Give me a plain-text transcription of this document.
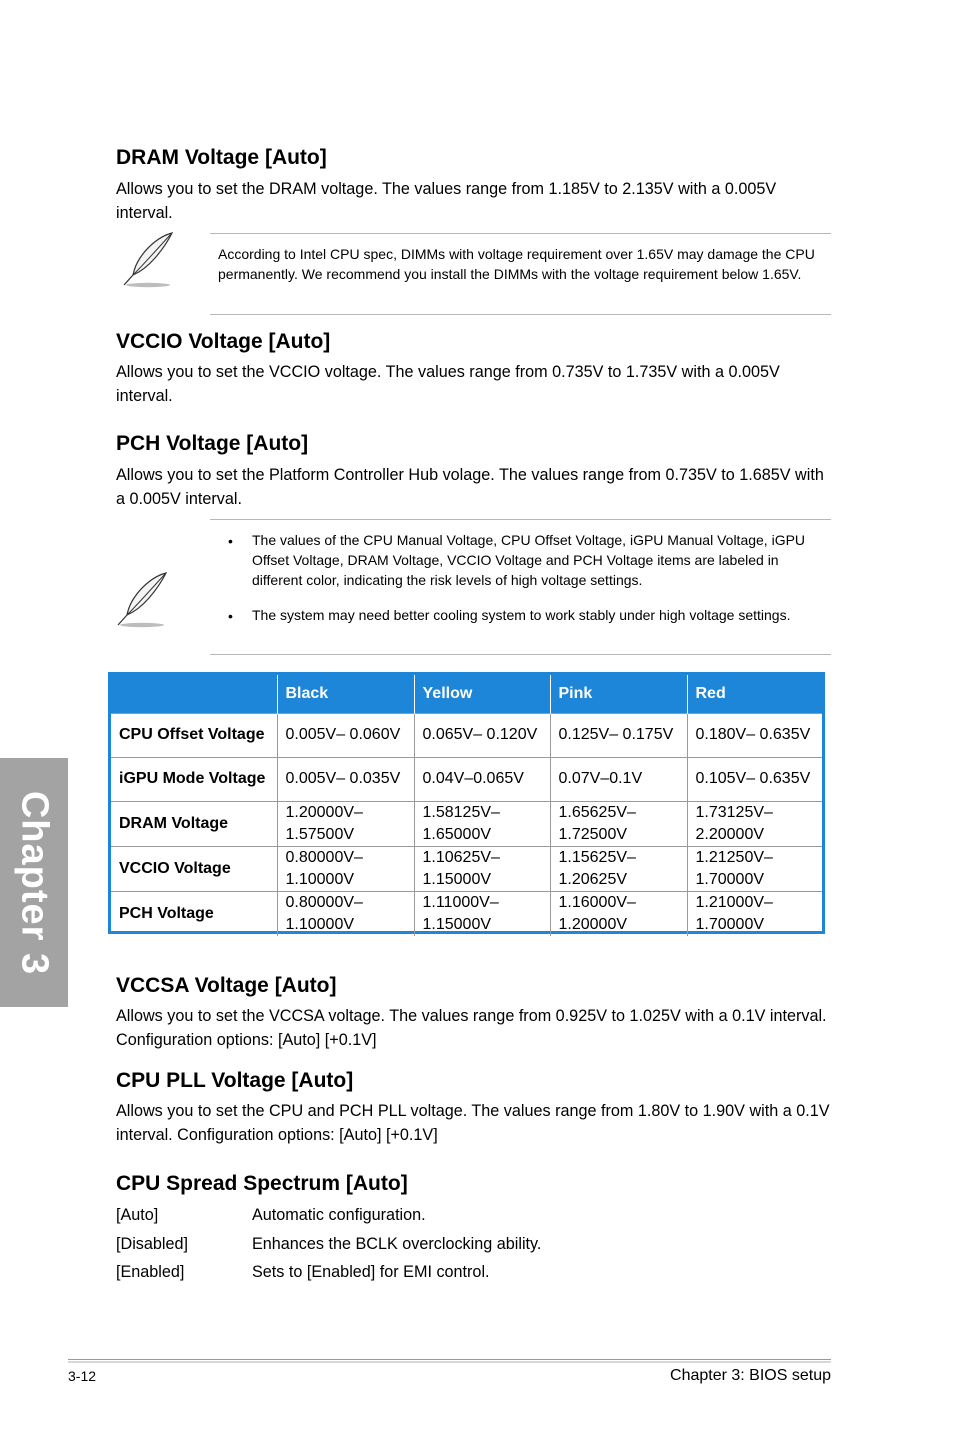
Chapter 3
DRAM Voltage [Auto]

Allows you to set the DRAM voltage. The values range from 1.185V to 2.135V with a 0.005V interval.

According to Intel CPU spec, DIMMs with voltage requirement over 1.65V may damage the CPU permanently. We recommend you install the DIMMs with the voltage requirement below 1.65V.
VCCIO Voltage [Auto]

Allows you to set the VCCIO voltage. The values range from 0.735V to 1.735V with a 0.005V interval.

PCH Voltage [Auto]

Allows you to set the Platform Controller Hub volage. The values range from 0.735V to 1.685V with a 0.005V interval.

• The values of the CPU Manual Voltage, CPU Offset Voltage, iGPU Manual Voltage, iGPU Offset Voltage, DRAM Voltage, VCCIO Voltage and PCH Voltage items are labeled in different color, indicating the risk levels of high voltage settings.
• The system may need better cooling system to work stably under high voltage settings.
	Black	Yellow	Pink	Red
CPU Offset Voltage	0.005V– 0.060V	0.065V– 0.120V	0.125V– 0.175V	0.180V– 0.635V
iGPU Mode Voltage	0.005V– 0.035V	0.04V–0.065V	0.07V–0.1V	0.105V– 0.635V
DRAM Voltage	1.20000V– 1.57500V	1.58125V– 1.65000V	1.65625V– 1.72500V	1.73125V– 2.20000V
VCCIO Voltage	0.80000V– 1.10000V	1.10625V– 1.15000V	1.15625V– 1.20625V	1.21250V– 1.70000V
PCH Voltage	0.80000V– 1.10000V	1.11000V– 1.15000V	1.16000V– 1.20000V	1.21000V– 1.70000V
VCCSA Voltage [Auto]

Allows you to set the VCCSA voltage. The values range from 0.925V to 1.025V with a 0.1V interval. Configuration options: [Auto] [+0.1V]

CPU PLL Voltage [Auto]

Allows you to set the CPU and PCH PLL voltage. The values range from 1.80V to 1.90V with a 0.1V interval. Configuration options: [Auto] [+0.1V]

CPU Spread Spectrum [Auto]
[Auto]	Automatic configuration.
[Disabled]	Enhances the BCLK overclocking ability.
[Enabled]	Sets to [Enabled] for EMI control.
3-12	Chapter 3: BIOS setup
